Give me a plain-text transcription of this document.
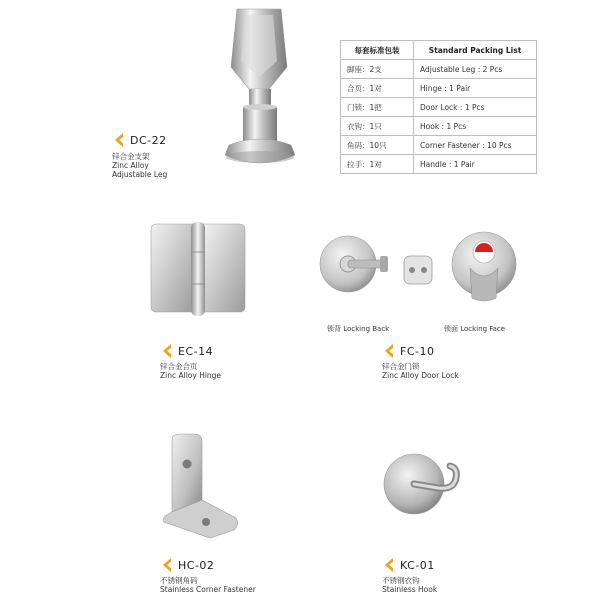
DC-22
锌合金支架
Zinc Alloy
Adjustable Leg
每套标准包装	Standard Packing List
脚座：2支	Adjustable Leg : 2 Pcs
合页：1对	Hinge : 1 Pair
门锁：1把	Door Lock : 1 Pcs
衣钩：1只	Hook : 1 Pcs
角码：10只	Corner Fastener : 10 Pcs
拉手：1对	Handle : 1 Pair
EC-14
锌合金合页
Zinc Alloy Hinge
锁背 Locking Back	锁面 Locking Face
FC-10
锌合金门锁
Zinc Alloy Door Lock
HC-02
不锈钢角码
Stainless Corner Fastener
KC-01
不锈钢衣钩
Stainless Hook
